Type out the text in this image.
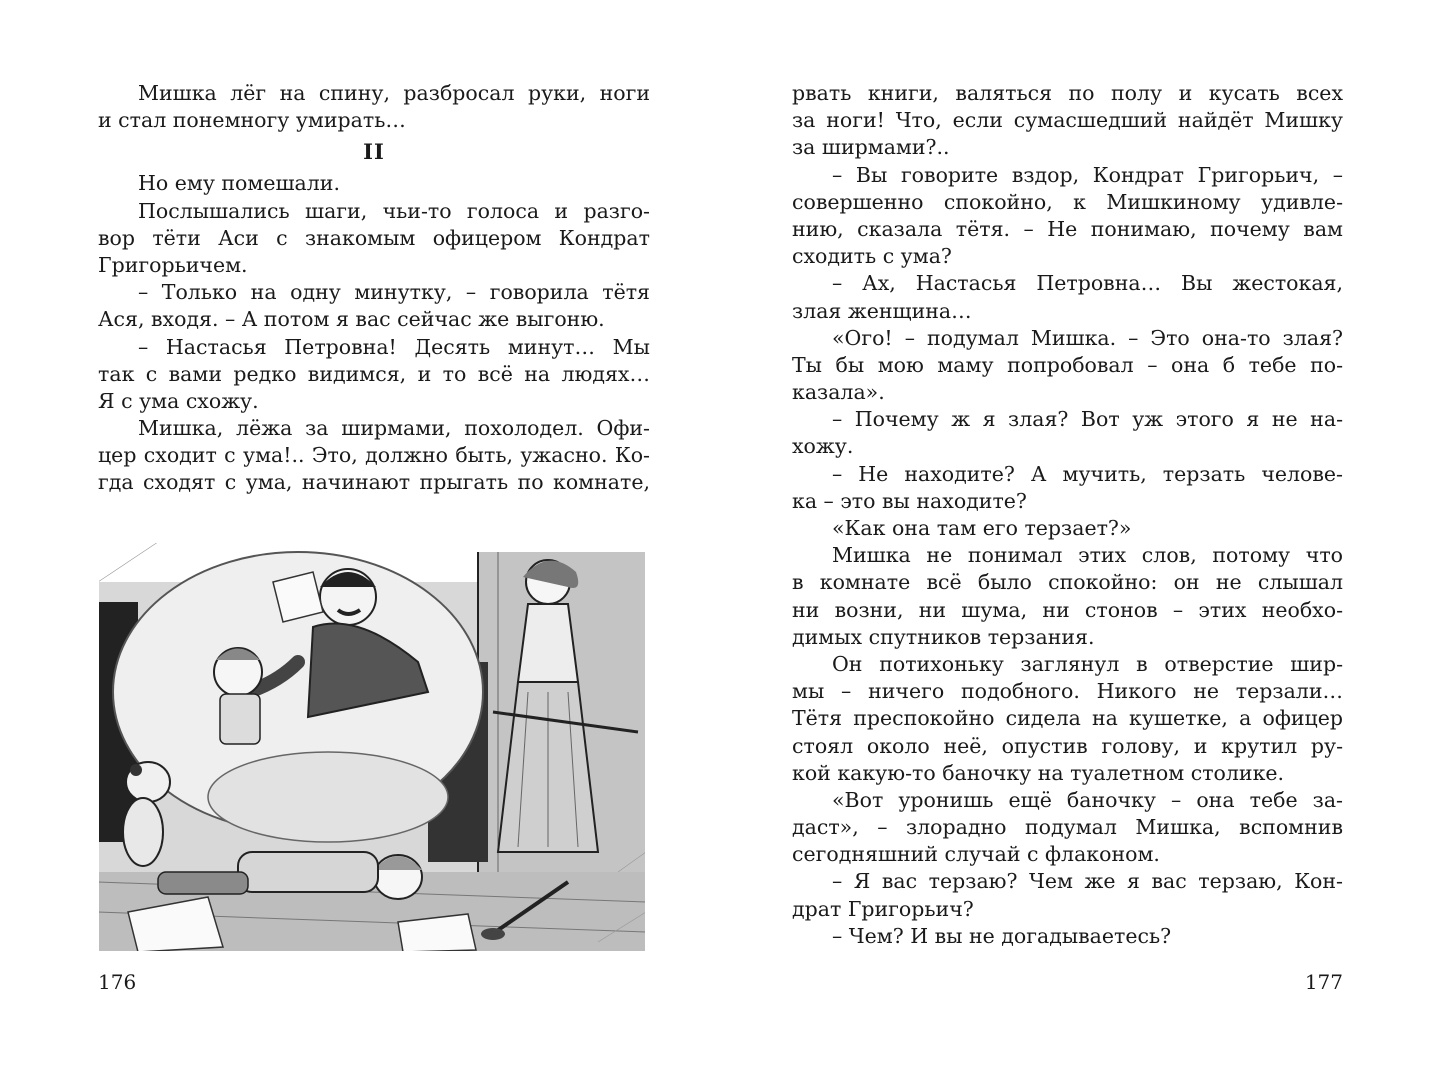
Мишка лёг на спину, разбросал руки, ноги
и стал понемногу умирать…
II
Но ему помешали.
Послышались шаги, чьи-то голоса и разго-
вор тёти Аси с знакомым офицером Кондрат
Григорьичем.
– Только на одну минутку, – говорила тётя
Ася, входя. – А потом я вас сейчас же выгоню.
– Настасья Петровна! Десять минут… Мы
так с вами редко видимся, и то всё на людях…
Я с ума схожу.
Мишка, лёжа за ширмами, похолодел. Офи-
цер сходит с ума!.. Это, должно быть, ужасно. Ко-
гда сходят с ума, начинают прыгать по комнате,
176
рвать книги, валяться по полу и кусать всех
за ноги! Что, если сумасшедший найдёт Мишку
за ширмами?..
– Вы говорите вздор, Кондрат Григорьич, –
совершенно спокойно, к Мишкиному удивле-
нию, сказала тётя. – Не понимаю, почему вам
сходить с ума?
– Ах, Настасья Петровна… Вы жестокая,
злая женщина…
«Ого! – подумал Мишка. – Это она-то злая?
Ты бы мою маму попробовал – она б тебе по-
казала».
– Почему ж я злая? Вот уж этого я не на-
хожу.
– Не находите? А мучить, терзать челове-
ка – это вы находите?
«Как она там его терзает?»
Мишка не понимал этих слов, потому что
в комнате всё было спокойно: он не слышал
ни возни, ни шума, ни стонов – этих необхо-
димых спутников терзания.
Он потихоньку заглянул в отверстие шир-
мы – ничего подобного. Никого не терзали…
Тётя преспокойно сидела на кушетке, а офицер
стоял около неё, опустив голову, и крутил ру-
кой какую-то баночку на туалетном столике.
«Вот уронишь ещё баночку – она тебе за-
даст», – злорадно подумал Мишка, вспомнив
сегодняшний случай с флаконом.
– Я вас терзаю? Чем же я вас терзаю, Кон-
драт Григорьич?
– Чем? И вы не догадываетесь?
177
